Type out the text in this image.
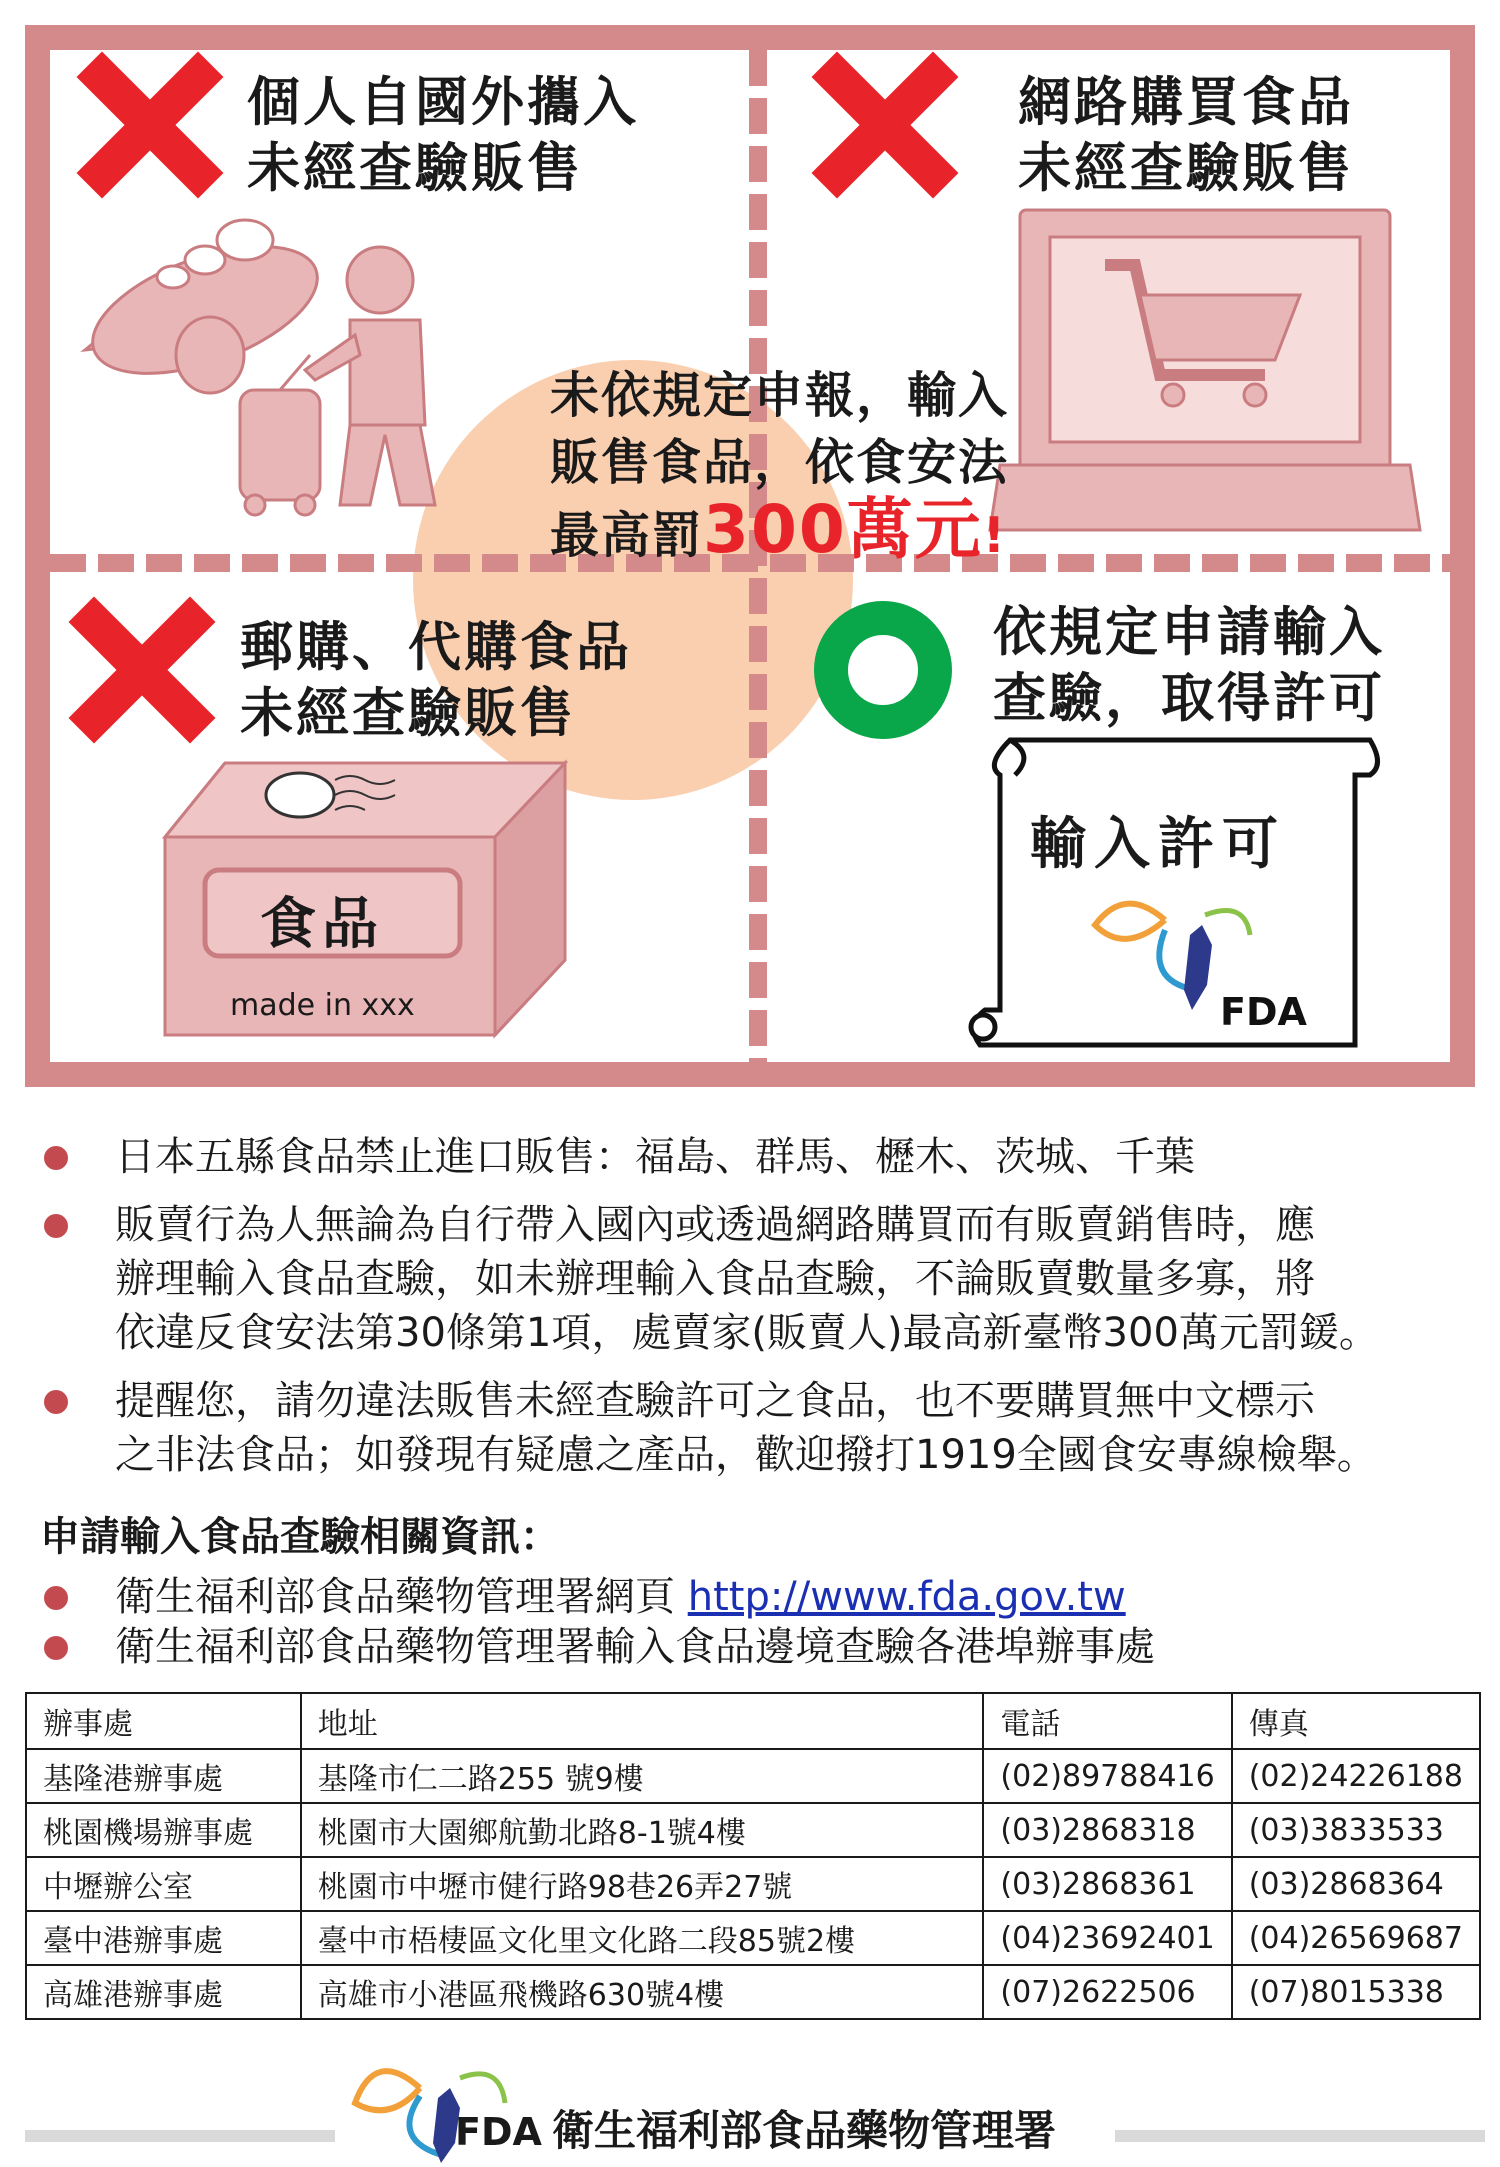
個人自國外攜入
未經查驗販售
網路購買食品
未經查驗販售
郵購、代購食品
未經查驗販售
依規定申請輸入
查驗，取得許可
食品
made in xxx
輸入許可
FDA
未依規定申報，輸入
販售食品，依食安法
最高罰300萬元!
日本五縣食品禁止進口販售：福島、群馬、櫪木、茨城、千葉
販賣行為人無論為自行帶入國內或透過網路購買而有販賣銷售時，應
辦理輸入食品查驗，如未辦理輸入食品查驗，不論販賣數量多寡，將
依違反食安法第30條第1項，處賣家(販賣人)最高新臺幣300萬元罰鍰。
提醒您，請勿違法販售未經查驗許可之食品，也不要購買無中文標示
之非法食品；如發現有疑慮之產品，歡迎撥打1919全國食安專線檢舉。
申請輸入食品查驗相關資訊：
衛生福利部食品藥物管理署網頁 http://www.fda.gov.tw
衛生福利部食品藥物管理署輸入食品邊境查驗各港埠辦事處
辦事處	地址	電話	傳真
基隆港辦事處	基隆市仁二路255 號9樓	(02)89788416	(02)24226188
桃園機場辦事處	桃園市大園鄉航勤北路8-1號4樓	(03)2868318	(03)3833533
中壢辦公室	桃園市中壢市健行路98巷26弄27號	(03)2868361	(03)2868364
臺中港辦事處	臺中市梧棲區文化里文化路二段85號2樓	(04)23692401	(04)26569687
高雄港辦事處	高雄市小港區飛機路630號4樓	(07)2622506	(07)8015338
FDA 衛生福利部食品藥物管理署
